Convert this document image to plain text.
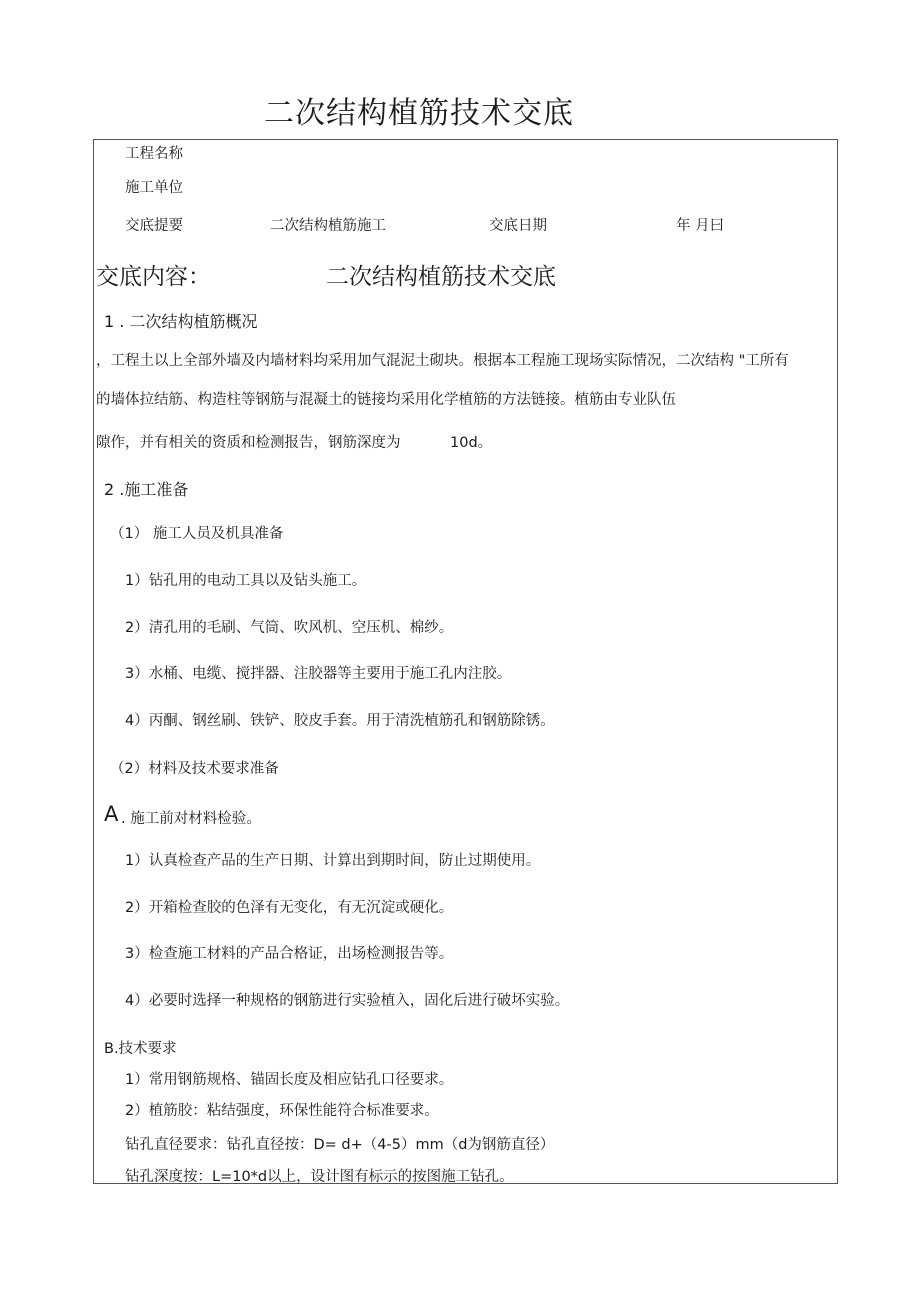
二次结构植筋技术交底
工程名称
施工单位
交底提要	二次结构植筋施工	交底日期	年 月曰
交底内容：	二次结构植筋技术交底
1 . 二次结构植筋概况
，工程土以上全部外墙及内墙材料均采用加气混泥土砌块。根据本工程施工现场实际情况，二次结构 "工所有
的墙体拉结筋、构造柱等钢筋与混凝土的链接均采用化学植筋的方法链接。植筋由专业队伍
隙作，并有相关的资质和检测报告，钢筋深度为	10d。
2 .施工准备
（1） 施工人员及机具准备
1）钻孔用的电动工具以及钻头施工。
2）清孔用的毛刷、气筒、吹风机、空压机、棉纱。
3）水桶、电缆、搅拌器、注胶器等主要用于施工孔内注胶。
4）丙酮、钢丝刷、铁铲、胶皮手套。用于清洗植筋孔和钢筋除锈。
（2）材料及技术要求准备
A . 施工前对材料检验。
1）认真检查产品的生产日期、计算出到期时间，防止过期使用。
2）开箱检查胶的色泽有无变化，有无沉淀或硬化。
3）检查施工材料的产品合格证，出场检测报告等。
4）必要时选择一种规格的钢筋进行实验植入，固化后进行破坏实验。
B.技术要求
1）常用钢筋规格、锚固长度及相应钻孔口径要求。
2）植筋胶：粘结强度，环保性能符合标准要求。
钻孔直径要求：钻孔直径按：D= d+（4-5）mm（d为钢筋直径）
钻孔深度按：L=10*d以上，设计图有标示的按图施工钻孔。
